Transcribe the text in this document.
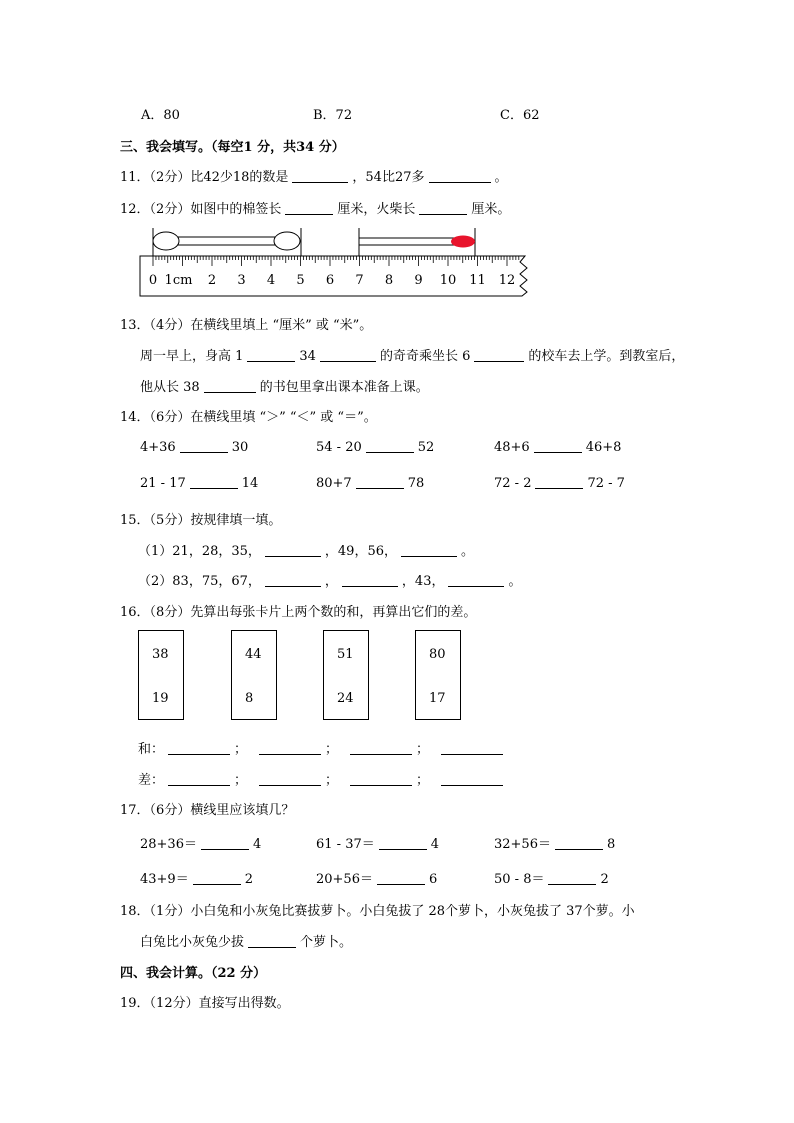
A．80	B．72	C．62
三、我会填写。（每空1 分，共34 分）
11．（2分）比42少18的数是	，54比27多	。
12．（2分）如图中的棉签长	厘米，火柴长	厘米。
0 1cm 2 3 4 5 6 7 8 9 10 11 12
13．（4分）在横线里填上 “厘米” 或 “米”。
周一早上，身高 1	34	的奇奇乘坐长 6	的校车去上学。到教室后，
他从长 38	的书包里拿出课本准备上课。
14．（6分）在横线里填 “＞” “＜” 或 “＝”。
4+36	30	54 - 20	52	48+6	46+8
21 - 17	14	80+7	78	72 - 2	72 - 7
15．（5分）按规律填一填。
（1）21，28，35，	，49，56，	。
（2）83，75，67，	，	，43，	。
16．（8分）先算出每张卡片上两个数的和，再算出它们的差。
38
19
44
8
51
24
80
17
和：	；	；	；
差：	；	；	；
17．（6分）横线里应该填几？
28+36＝	4	61 - 37＝	4	32+56＝	8
43+9＝	2	20+56＝	6	50 - 8＝	2
18．（1分）小白兔和小灰兔比赛拔萝卜。小白兔拔了 28个萝卜，小灰兔拔了 37个萝。小
白兔比小灰兔少拔	个萝卜。
四、我会计算。（22 分）
19．（12分）直接写出得数。
